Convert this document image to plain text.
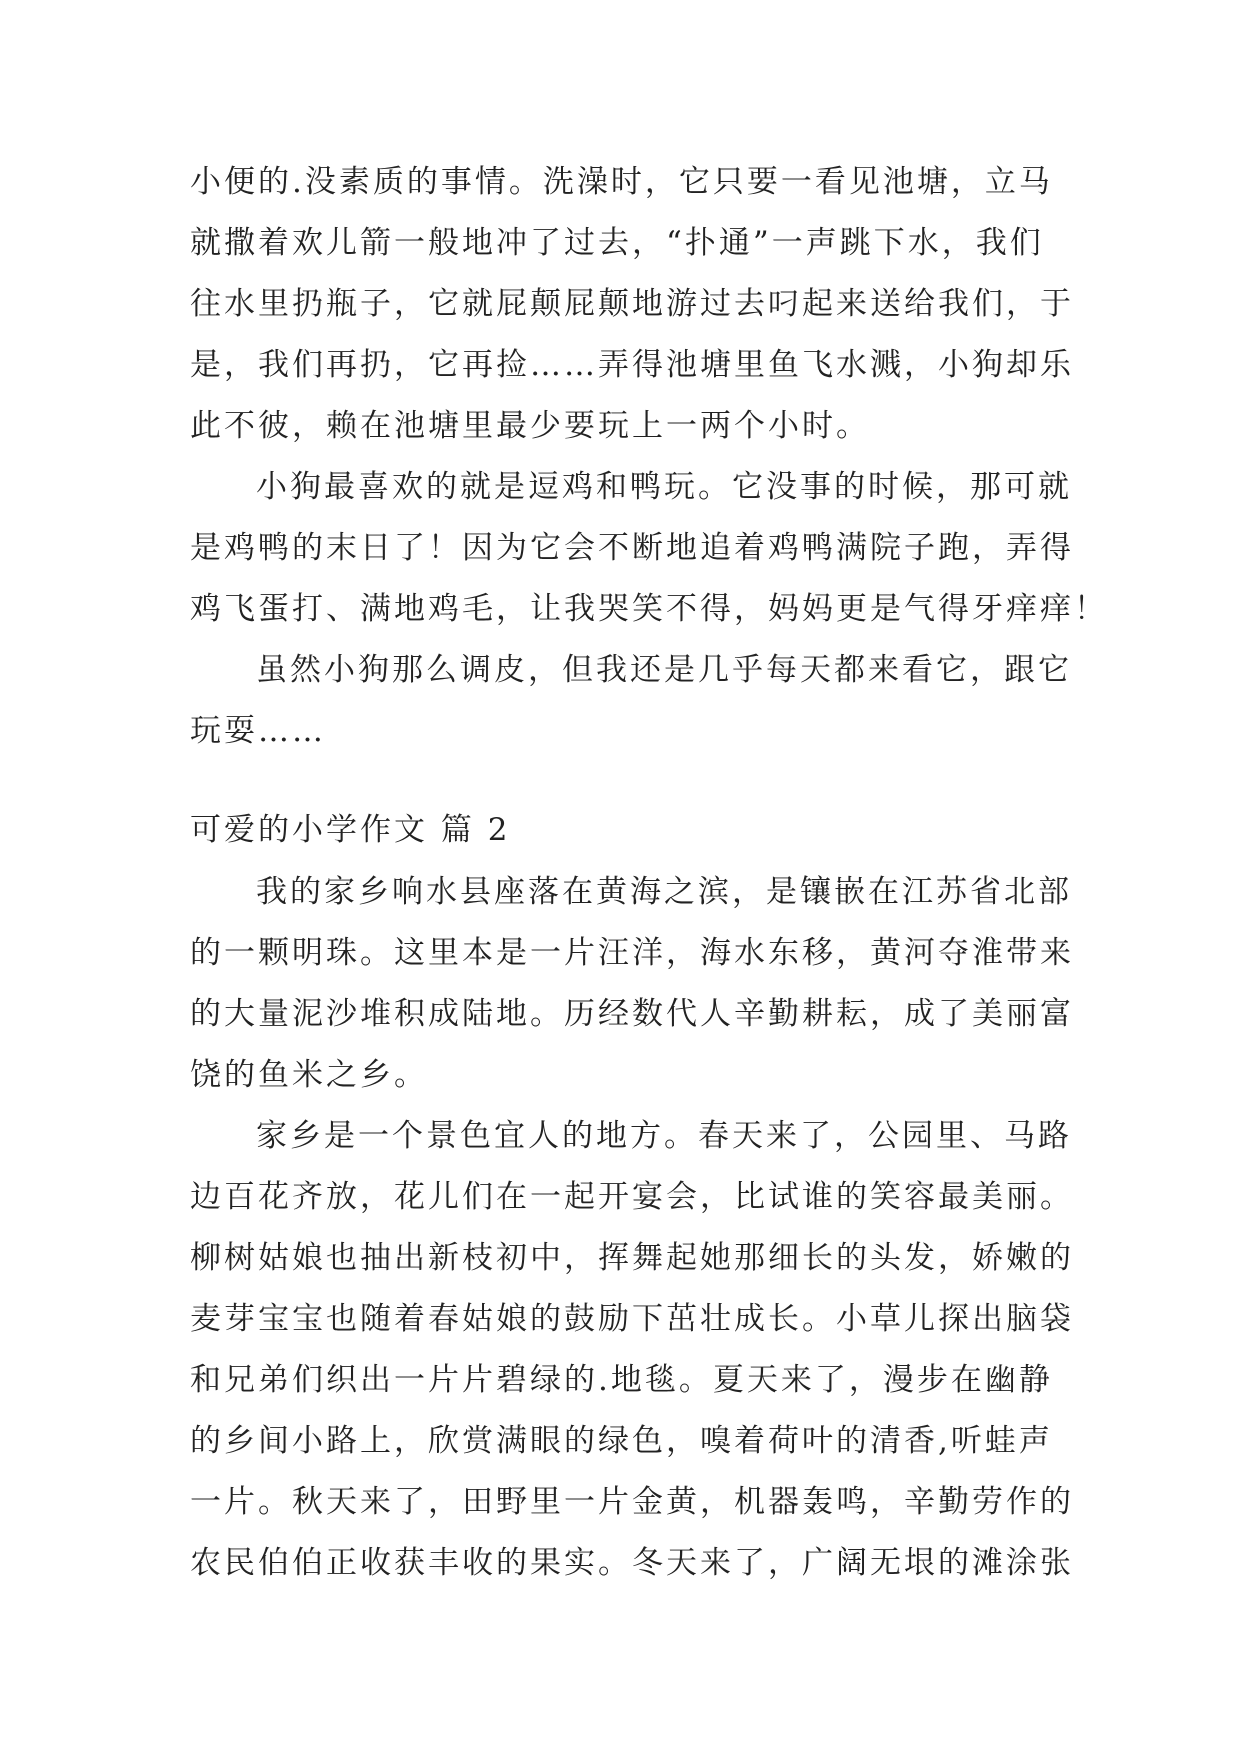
小便的.没素质的事情。洗澡时，它只要一看见池塘，立马
就撒着欢儿箭一般地冲了过去，“扑通”一声跳下水，我们
往水里扔瓶子，它就屁颠屁颠地游过去叼起来送给我们，于
是，我们再扔，它再捡……弄得池塘里鱼飞水溅，小狗却乐
此不彼，赖在池塘里最少要玩上一两个小时。
小狗最喜欢的就是逗鸡和鸭玩。它没事的时候，那可就
是鸡鸭的末日了！因为它会不断地追着鸡鸭满院子跑，弄得
鸡飞蛋打、满地鸡毛，让我哭笑不得，妈妈更是气得牙痒痒！
虽然小狗那么调皮，但我还是几乎每天都来看它，跟它
玩耍……
可爱的小学作文 篇 2
我的家乡响水县座落在黄海之滨，是镶嵌在江苏省北部
的一颗明珠。这里本是一片汪洋，海水东移，黄河夺淮带来
的大量泥沙堆积成陆地。历经数代人辛勤耕耘，成了美丽富
饶的鱼米之乡。
家乡是一个景色宜人的地方。春天来了，公园里、马路
边百花齐放，花儿们在一起开宴会，比试谁的笑容最美丽。
柳树姑娘也抽出新枝初中，挥舞起她那细长的头发，娇嫩的
麦芽宝宝也随着春姑娘的鼓励下茁壮成长。小草儿探出脑袋
和兄弟们织出一片片碧绿的.地毯。夏天来了，漫步在幽静
的乡间小路上，欣赏满眼的绿色，嗅着荷叶的清香,听蛙声
一片。秋天来了，田野里一片金黄，机器轰鸣，辛勤劳作的
农民伯伯正收获丰收的果实。冬天来了，广阔无垠的滩涂张
